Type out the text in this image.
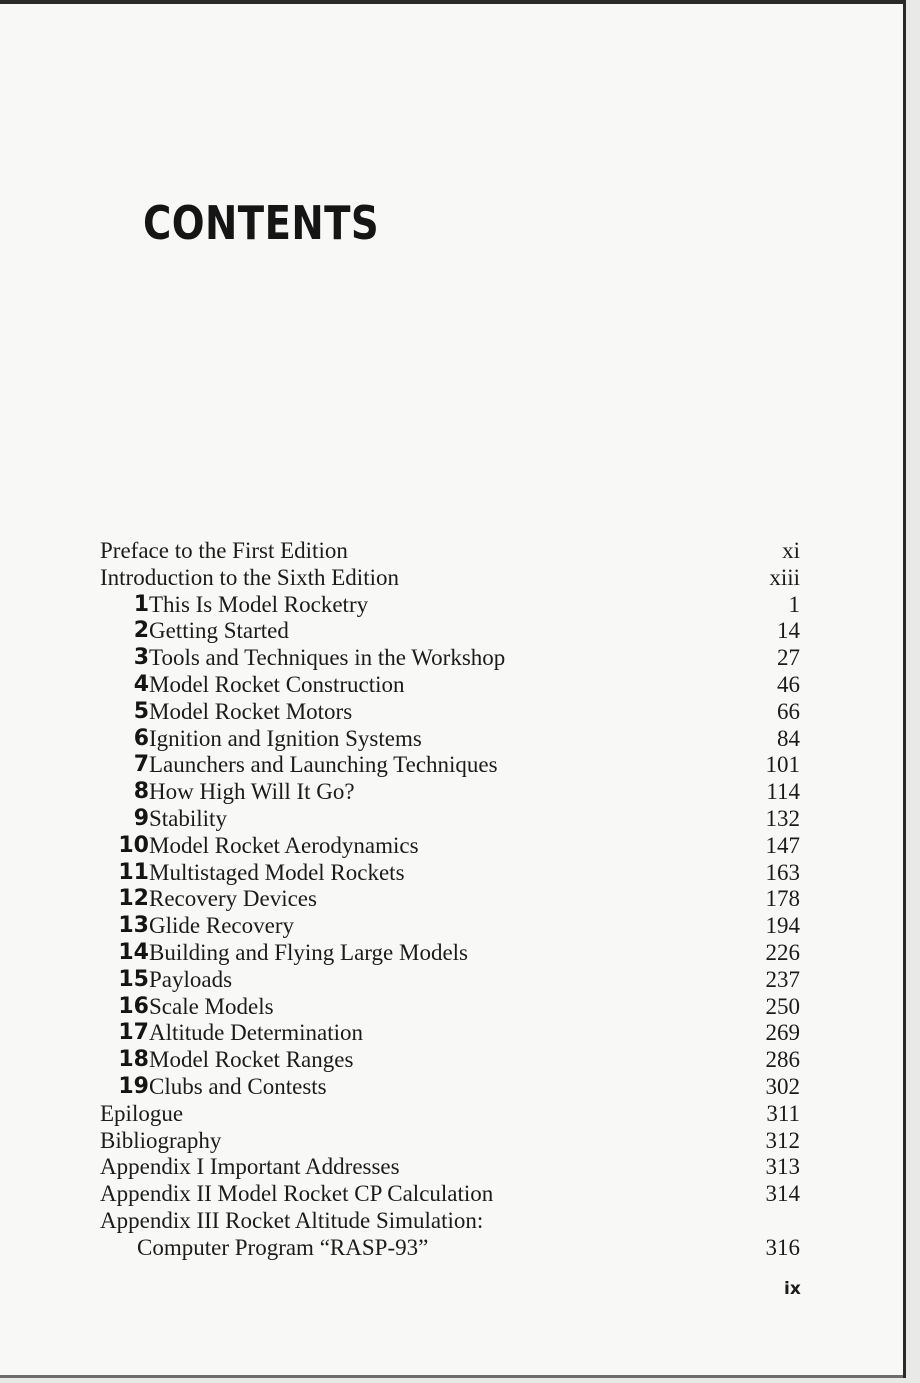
CONTENTS
Preface to the First Edition	xi
Introduction to the Sixth Edition	xiii
1 This Is Model Rocketry	1
2 Getting Started	14
3 Tools and Techniques in the Workshop	27
4 Model Rocket Construction	46
5 Model Rocket Motors	66
6 Ignition and Ignition Systems	84
7 Launchers and Launching Techniques	101
8 How High Will It Go?	114
9 Stability	132
10 Model Rocket Aerodynamics	147
11 Multistaged Model Rockets	163
12 Recovery Devices	178
13 Glide Recovery	194
14 Building and Flying Large Models	226
15 Payloads	237
16 Scale Models	250
17 Altitude Determination	269
18 Model Rocket Ranges	286
19 Clubs and Contests	302
Epilogue	311
Bibliography	312
Appendix I Important Addresses	313
Appendix II Model Rocket CP Calculation	314
Appendix III Rocket Altitude Simulation:
Computer Program “RASP-93”	316
ix
